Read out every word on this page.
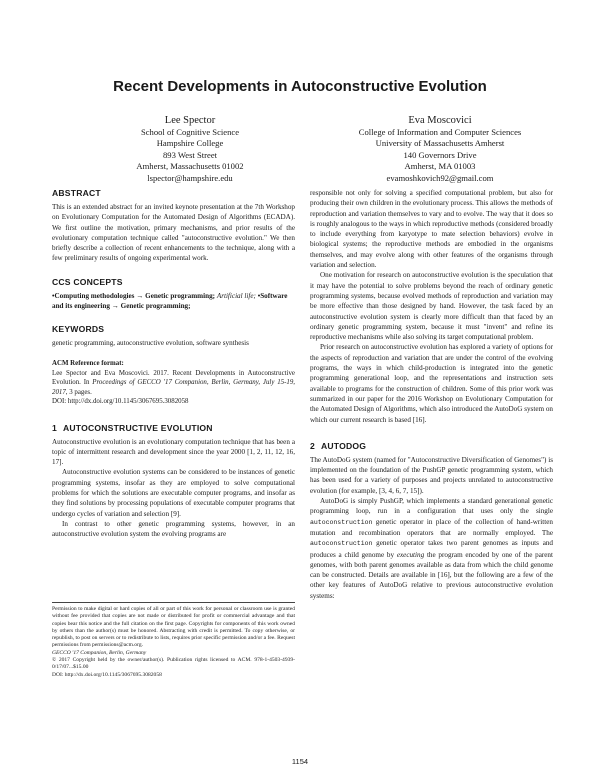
Recent Developments in Autoconstructive Evolution
Lee Spector
School of Cognitive Science
Hampshire College
893 West Street
Amherst, Massachusetts 01002
lspector@hampshire.edu
Eva Moscovici
College of Information and Computer Sciences
University of Massachusetts Amherst
140 Governors Drive
Amherst, MA 01003
evamoshkovich92@gmail.com
ABSTRACT

This is an extended abstract for an invited keynote presentation at the 7th Workshop on Evolutionary Computation for the Automated Design of Algorithms (ECADA). We first outline the motivation, primary mechanisms, and prior results of the evolutionary computation technique called "autoconstructive evolution." We then briefly describe a collection of recent enhancements to the technique, along with a few preliminary results of ongoing experimental work.

CCS CONCEPTS

•Computing methodologies → Genetic programming; Artificial life; •Software and its engineering → Genetic programming;

KEYWORDS

genetic programming, autoconstructive evolution, software synthesis

ACM Reference format:

Lee Spector and Eva Moscovici. 2017. Recent Developments in Autoconstructive Evolution. In Proceedings of GECCO '17 Companion, Berlin, Germany, July 15-19, 2017, 3 pages.

DOI: http://dx.doi.org/10.1145/3067695.3082058

1 AUTOCONSTRUCTIVE EVOLUTION

Autoconstructive evolution is an evolutionary computation technique that has been a topic of intermittent research and development since the year 2000 [1, 2, 11, 12, 16, 17].

Autoconstructive evolution systems can be considered to be instances of genetic programming systems, insofar as they are employed to solve computational problems for which the solutions are executable computer programs, and insofar as they find solutions by processing populations of executable computer programs that undergo cycles of variation and selection [9].

In contrast to other genetic programming systems, however, in an autoconstructive evolution system the evolving programs are

responsible not only for solving a specified computational problem, but also for producing their own children in the evolutionary process. This allows the methods of reproduction and variation themselves to vary and to evolve. The way that it does so is roughly analogous to the ways in which reproductive methods (considered broadly to include everything from karyotype to mate selection behaviors) evolve in biological systems; the reproductive methods are embodied in the organisms themselves, and may evolve along with other features of the organisms through variation and selection.

One motivation for research on autoconstructive evolution is the speculation that it may have the potential to solve problems beyond the reach of ordinary genetic programming systems, because evolved methods of reproduction and variation may be more effective than those designed by hand. However, the task faced by an autoconstructive evolution system is clearly more difficult than that faced by an ordinary genetic programming system, because it must "invent" and refine its reproductive mechanisms while also solving its target computational problem.

Prior research on autoconstructive evolution has explored a variety of options for the aspects of reproduction and variation that are under the control of the evolving programs, the ways in which child-production is integrated into the genetic programming generational loop, and the representations and instruction sets available to programs for the construction of children. Some of this prior work was summarized in our paper for the 2016 Workshop on Evolutionary Computation for the Automated Design of Algorithms, which also introduced the AutoDoG system on which our current research is based [16].

2 AUTODOG

The AutoDoG system (named for "Autoconstructive Diversification of Genomes") is implemented on the foundation of the PushGP genetic programming system, which has been used for a variety of purposes and projects unrelated to autoconstructive evolution (for example, [3, 4, 6, 7, 15]).

AutoDoG is simply PushGP, which implements a standard generational genetic programming loop, run in a configuration that uses only the single autoconstruction genetic operator in place of the collection of hand-written mutation and recombination operators that are normally employed. The autoconstruction genetic operator takes two parent genomes as inputs and produces a child genome by executing the program encoded by one of the parent genomes, with both parent genomes available as data from which the child genome can be constructed. Details are available in [16], but the following are a few of the other key features of AutoDoG relative to previous autoconstructive evolution systems:

Permission to make digital or hard copies of all or part of this work for personal or classroom use is granted without fee provided that copies are not made or distributed for profit or commercial advantage and that copies bear this notice and the full citation on the first page. Copyrights for components of this work owned by others than the author(s) must be honored. Abstracting with credit is permitted. To copy otherwise, or republish, to post on servers or to redistribute to lists, requires prior specific permission and/or a fee. Request permissions from permissions@acm.org.

GECCO '17 Companion, Berlin, Germany

© 2017 Copyright held by the owner/author(s). Publication rights licensed to ACM. 978-1-4503-4939-0/17/07...$15.00

DOI: http://dx.doi.org/10.1145/3067695.3082058

1154
